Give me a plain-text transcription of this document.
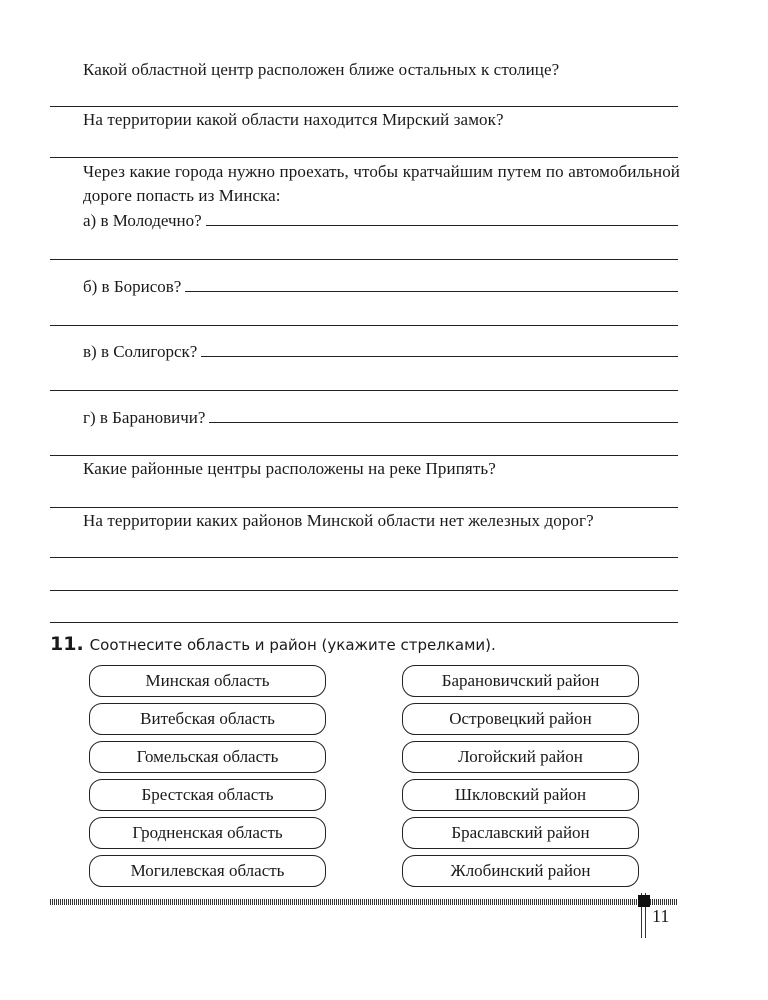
Какой областной центр расположен ближе остальных к столице?
На территории какой области находится Мирский замок?
Через какие города нужно проехать, чтобы кратчайшим путем по автомобильной дороге попасть из Минска:
а) в Молодечно?
б) в Борисов?
в) в Солигорск?
г) в Барановичи?
Какие районные центры расположены на реке Припять?
На территории каких районов Минской области нет железных дорог?
11. Соотнесите область и район (укажите стрелками).
Минская область
Витебская область
Гомельская область
Брестская область
Гродненская область
Могилевская область
Барановичский район
Островецкий район
Логойский район
Шкловский район
Браславский район
Жлобинский район
11
